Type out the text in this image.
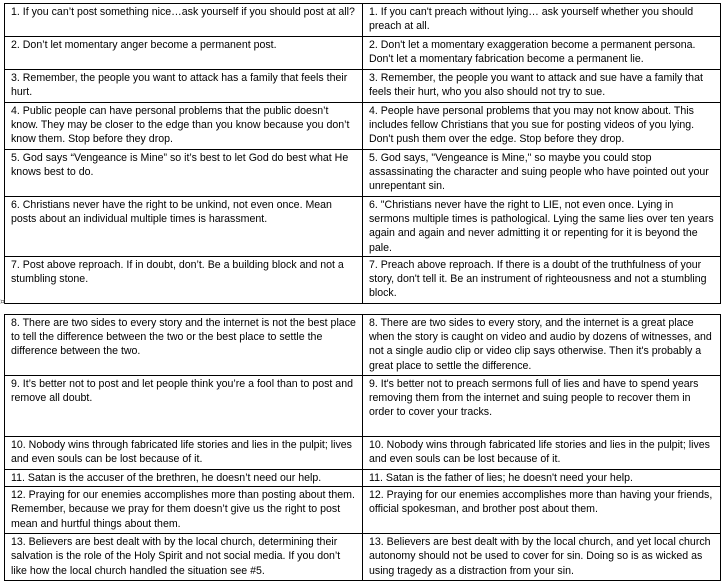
1. If you can’t post something nice…ask yourself if you should post at all?	1. If you can't preach without lying… ask yourself whether you should preach at all.
2. Don’t let momentary anger become a permanent post.	2. Don't let a momentary exaggeration become a permanent persona. Don't let a momentary fabrication become a permanent lie.
3. Remember, the people you want to attack has a family that feels their hurt.	3. Remember, the people you want to attack and sue have a family that feels their hurt, who you also should not try to sue.
4. Public people can have personal problems that the public doesn’t know. They may be closer to the edge than you know because you don’t know them. Stop before they drop.	4. People have personal problems that you may not know about. This includes fellow Christians that you sue for posting videos of you lying. Don't push them over the edge. Stop before they drop.
5. God says “Vengeance is Mine” so it’s best to let God do best what He knows best to do.	5. God says, "Vengeance is Mine," so maybe you could stop assassinating the character and suing people who have pointed out your unrepentant sin.
6. Christians never have the right to be unkind, not even once. Mean posts about an individual multiple times is harassment.	6. "Christians never have the right to LIE, not even once. Lying in sermons multiple times is pathological. Lying the same lies over ten years again and again and never admitting it or repenting for it is beyond the pale.
7. Post above reproach. If in doubt, don’t. Be a building block and not a stumbling stone.	7. Preach above reproach. If there is a doubt of the truthfulness of your story, don't tell it. Be an instrument of righteousness and not a stumbling block.
¤
8. There are two sides to every story and the internet is not the best place to tell the difference between the two or the best place to settle the difference between the two.	8. There are two sides to every story, and the internet is a great place when the story is caught on video and audio by dozens of witnesses, and not a single audio clip or video clip says otherwise. Then it's probably a great place to settle the difference.
9. It’s better not to post and let people think you’re a fool than to post and remove all doubt.	9. It's better not to preach sermons full of lies and have to spend years removing them from the internet and suing people to recover them in order to cover your tracks.
10. Nobody wins through fabricated life stories and lies in the pulpit; lives and even souls can be lost because of it.	10. Nobody wins through fabricated life stories and lies in the pulpit; lives and even souls can be lost because of it.
11. Satan is the accuser of the brethren, he doesn’t need our help.	11. Satan is the father of lies; he doesn't need your help.
12. Praying for our enemies accomplishes more than posting about them. Remember, because we pray for them doesn’t give us the right to post mean and hurtful things about them.	12. Praying for our enemies accomplishes more than having your friends, official spokesman, and brother post about them.
13. Believers are best dealt with by the local church, determining their salvation is the role of the Holy Spirit and not social media. If you don’t like how the local church handled the situation see #5.	13. Believers are best dealt with by the local church, and yet local church autonomy should not be used to cover for sin. Doing so is as wicked as using tragedy as a distraction from your sin.
